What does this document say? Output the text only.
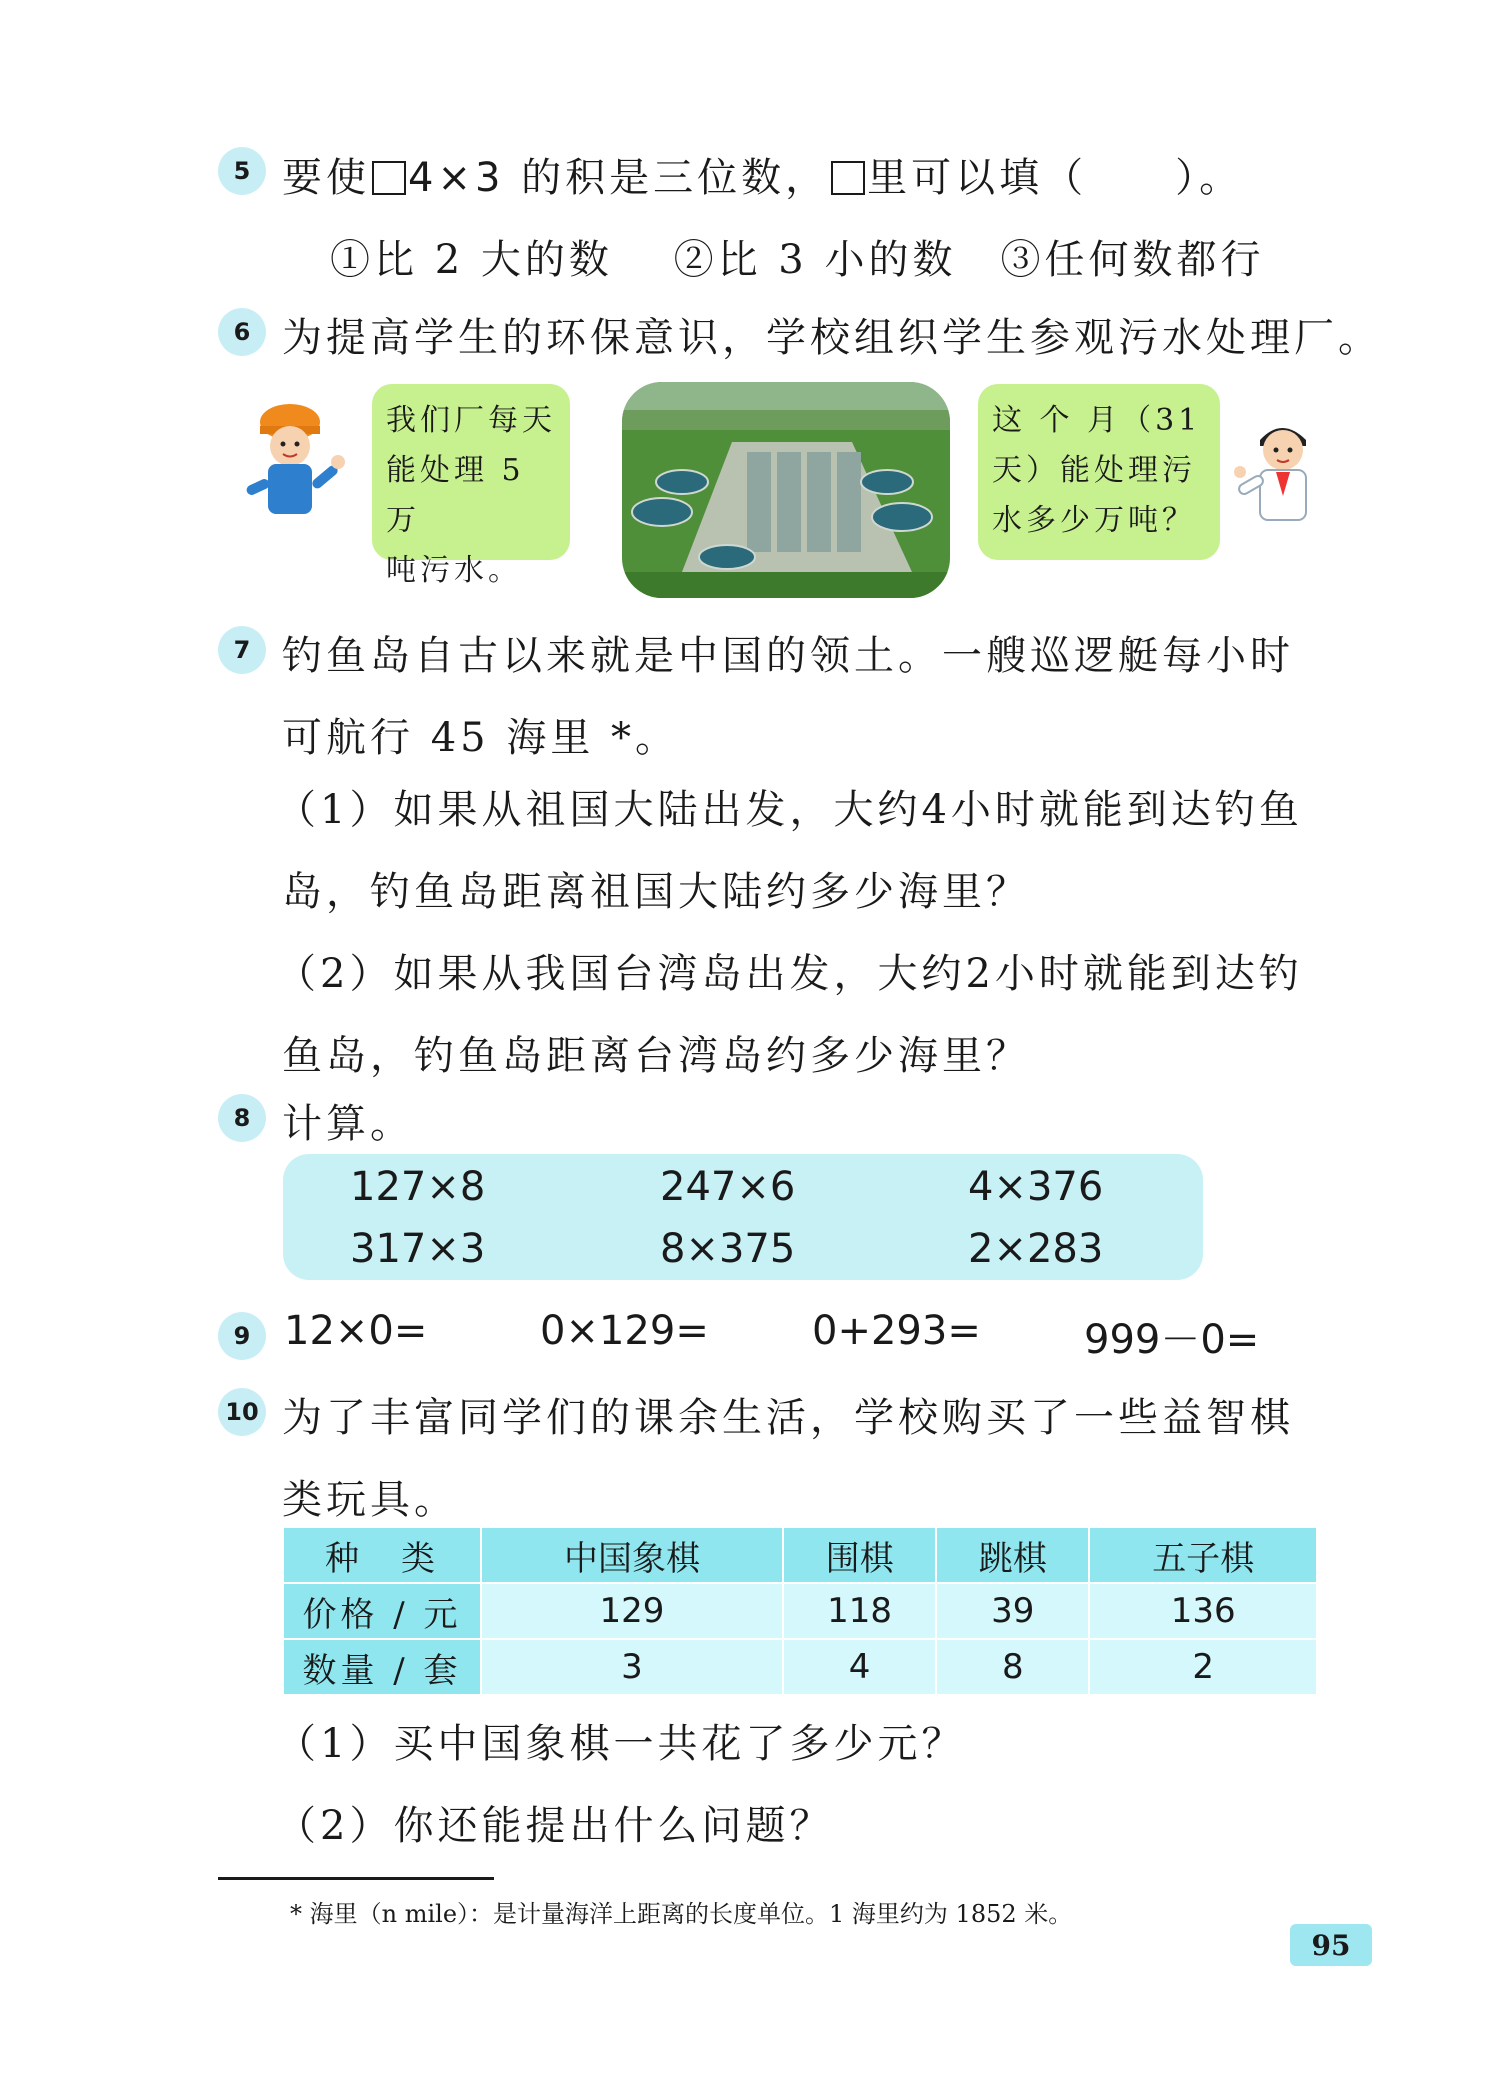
5 要使 4×3 的积是三位数， 里可以填（　　）。
①比 2 大的数　 ②比 3 小的数　③任何数都行
6 为提高学生的环保意识，学校组织学生参观污水处理厂。
我们厂每天
能处理 5 万
吨污水。
这 个 月（31
天）能处理污
水多少万吨？
7 钓鱼岛自古以来就是中国的领土。一艘巡逻艇每小时
可航行 45 海里 *。
（1）如果从祖国大陆出发，大约4小时就能到达钓鱼
岛，钓鱼岛距离祖国大陆约多少海里？
（2）如果从我国台湾岛出发，大约2小时就能到达钓
鱼岛，钓鱼岛距离台湾岛约多少海里？
8 计算。
127×8	247×6	4×376
317×3	8×375	2×283
9 12×0=	0×129=	0+293=	999－0=
10 为了丰富同学们的课余生活，学校购买了一些益智棋
类玩具。
种　类	中国象棋	围棋	跳棋	五子棋
价格 / 元	129	118	39	136
数量 / 套	3	4	8	2
（1）买中国象棋一共花了多少元？
（2）你还能提出什么问题？
* 海里（n mile）：是计量海洋上距离的长度单位。1 海里约为 1852 米。
95
